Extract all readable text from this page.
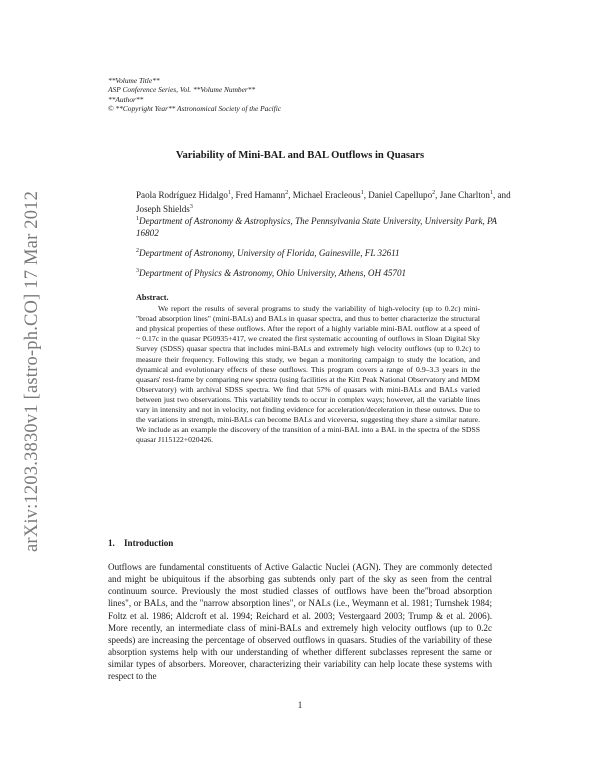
arXiv:1203.3830v1 [astro-ph.CO] 17 Mar 2012
**Volume Title**
ASP Conference Series, Vol. **Volume Number**
**Author**
© **Copyright Year** Astronomical Society of the Pacific
Variability of Mini-BAL and BAL Outflows in Quasars
Paola Rodríguez Hidalgo$^1$, Fred Hamann$^2$, Michael Eracleous$^1$, Daniel Capellupo$^2$, Jane Charlton$^1$, and Joseph Shields$^3$
$^1$Department of Astronomy & Astrophysics, The Pennsylvania State University, University Park, PA 16802
$^2$Department of Astronomy, University of Florida, Gainesville, FL 32611
$^3$Department of Physics & Astronomy, Ohio University, Athens, OH 45701
Abstract.
We report the results of several programs to study the variability of high-velocity (up to 0.2c) mini-"broad absorption lines" (mini-BALs) and BALs in quasar spectra, and thus to better characterize the structural and physical properties of these outflows. After the report of a highly variable mini-BAL outflow at a speed of ~ 0.17c in the quasar PG0935+417, we created the first systematic accounting of outflows in Sloan Digital Sky Survey (SDSS) quasar spectra that includes mini-BALs and extremely high velocity outflows (up to 0.2c) to measure their frequency. Following this study, we began a monitoring campaign to study the location, and dynamical and evolutionary effects of these outflows. This program covers a range of 0.9–3.3 years in the quasars' rest-frame by comparing new spectra (using facilities at the Kitt Peak National Observatory and MDM Observatory) with archival SDSS spectra. We find that 57% of quasars with mini-BALs and BALs varied between just two observations. This variability tends to occur in complex ways; however, all the variable lines vary in intensity and not in velocity, not finding evidence for acceleration/deceleration in these outows. Due to the variations in strength, mini-BALs can become BALs and viceversa, suggesting they share a similar nature. We include as an example the discovery of the transition of a mini-BAL into a BAL in the spectra of the SDSS quasar J115122+020426.
1. Introduction
Outflows are fundamental constituents of Active Galactic Nuclei (AGN). They are commonly detected and might be ubiquitous if the absorbing gas subtends only part of the sky as seen from the central continuum source. Previously the most studied classes of outflows have been the"broad absorption lines", or BALs, and the "narrow absorption lines", or NALs (i.e., Weymann et al. 1981; Turnshek 1984; Foltz et al. 1986; Aldcroft et al. 1994; Reichard et al. 2003; Vestergaard 2003; Trump & et al. 2006). More recently, an intermediate class of mini-BALs and extremely high velocity outflows (up to 0.2c speeds) are increasing the percentage of observed outflows in quasars. Studies of the variability of these absorption systems help with our understanding of whether different subclasses represent the same or similar types of absorbers. Moreover, characterizing their variability can help locate these systems with respect to the
1
